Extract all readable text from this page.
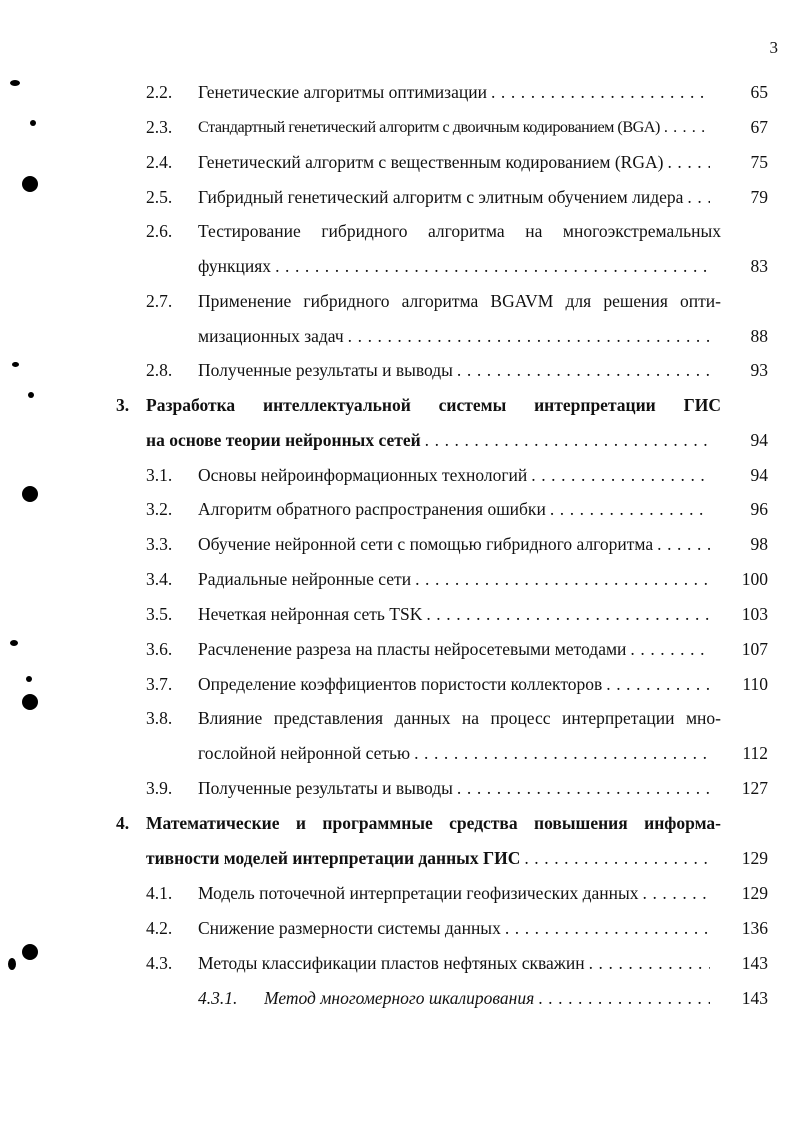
3
2.2. Генетические алгоритмы оптимизации . . .	65
2.3. Стандартный генетический алгоритм с двоичным кодированием (BGA) . . .	67
2.4. Генетический алгоритм с вещественным кодированием (RGA) . . .	75
2.5. Гибридный генетический алгоритм с элитным обучением лидера . . .	79
2.6. Тестирование гибридного алгоритма на многоэкстремальных
функциях . . .	83
2.7. Применение гибридного алгоритма BGAVM для решения опти-
мизационных задач . . .	88
2.8. Полученные результаты и выводы . . .	93
3. Разработка интеллектуальной системы интерпретации ГИС
на основе теории нейронных сетей . . .	94
3.1. Основы нейроинформационных технологий . . .	94
3.2. Алгоритм обратного распространения ошибки . . .	96
3.3. Обучение нейронной сети с помощью гибридного алгоритма . . .	98
3.4. Радиальные нейронные сети . . .	100
3.5. Нечеткая нейронная сеть TSK . . .	103
3.6. Расчленение разреза на пласты нейросетевыми методами . . .	107
3.7. Определение коэффициентов пористости коллекторов . . .	110
3.8. Влияние представления данных на процесс интерпретации мно-
гослойной нейронной сетью . . .	112
3.9. Полученные результаты и выводы . . .	127
4. Математические и программные средства повышения информа-
тивности моделей интерпретации данных ГИС . . .	129
4.1. Модель поточечной интерпретации геофизических данных . . .	129
4.2. Снижение размерности системы данных . . .	136
4.3. Методы классификации пластов нефтяных скважин . . .	143
4.3.1. Метод многомерного шкалирования . . .	143
